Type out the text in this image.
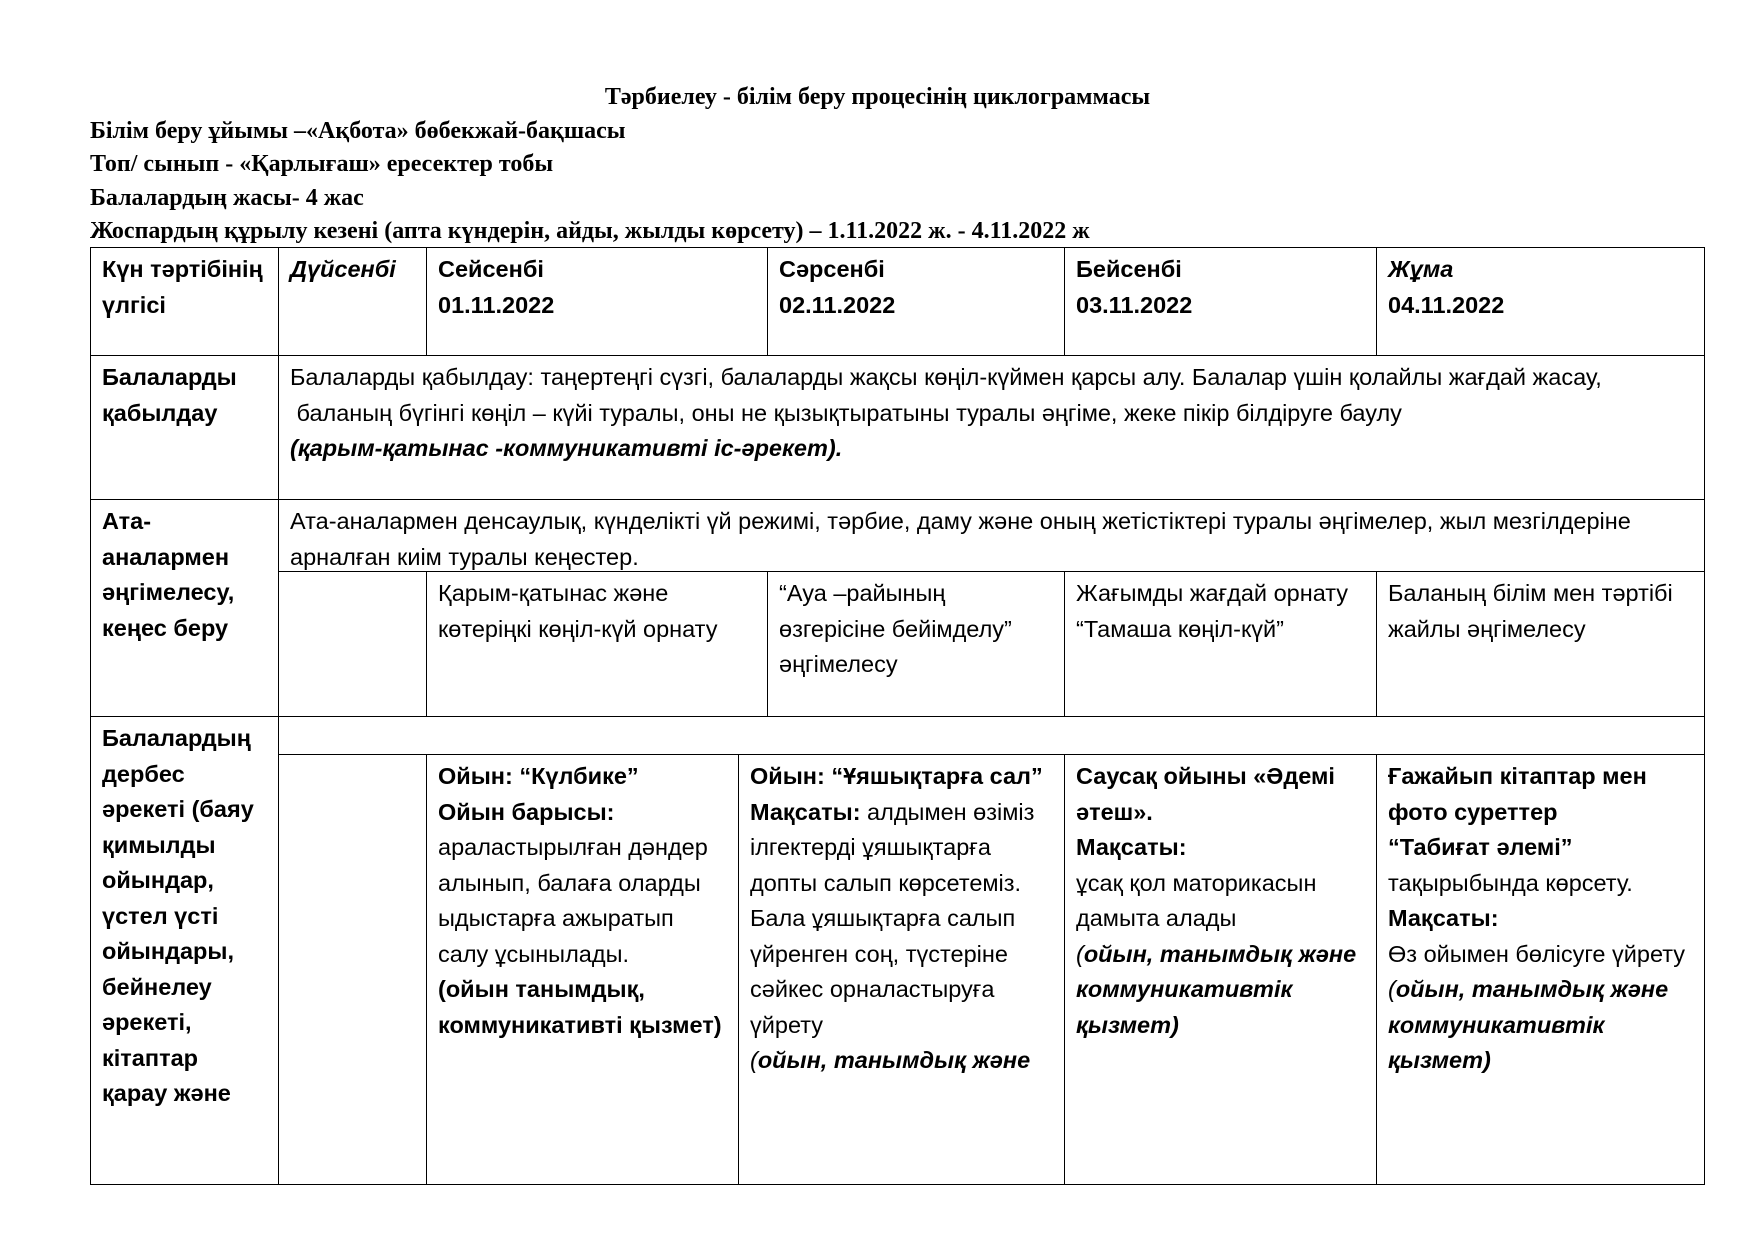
Тәрбиелеу - білім беру процесінің циклограммасы
Білім беру ұйымы –«Ақбота» бөбекжай-бақшасы
Топ/ сынып - «Қарлығаш» ересектер тобы
Балалардың жасы- 4 жас
Жоспардың құрылу кезені (апта күндерін, айды, жылды көрсету) – 1.11.2022 ж. - 4.11.2022 ж
Күн тәртібінің үлгісі
Дүйсенбі	Сейсенбі
01.11.2022
Сәрсенбі
02.11.2022
Бейсенбі
03.11.2022
Жұма
04.11.2022
Балаларды қабылдау
Балаларды қабылдау: таңертеңгі сүзгі, балаларды жақсы көңіл-күймен қарсы алу. Балалар үшін қолайлы жағдай жасау,
баланың бүгінгі көңіл – күйі туралы, оны не қызықтыратыны туралы әңгіме, жеке пікір білдіруге баулу
(қарым-қатынас -коммуникативті іс-әрекет).
Ата-аналармен әңгімелесу, кеңес беру
Ата-аналармен денсаулық, күнделікті үй режимі, тәрбие, даму және оның жетістіктері туралы әңгімелер, жыл мезгілдеріне арналған киім туралы кеңестер.
Қарым-қатынас және көтеріңкі көңіл-күй орнату
“Ауа –райының өзгерісіне бейімделу” әңгімелесу
Жағымды жағдай орнату
“Тамаша көңіл-күй”
Баланың білім мен тәртібі жайлы әңгімелесу
Балалардың дербес әрекеті (баяу қимылды ойындар, үстел үсті ойындары, бейнелеу әрекеті, кітаптар қарау және
Ойын: “Күлбике”
Ойын барысы:
араластырылған дәндер алынып, балаға оларды ыдыстарға ажыратып салу ұсынылады.
(ойын танымдық, коммуникативті қызмет)
Ойын: “Ұяшықтарға сал”
Мақсаты: алдымен өзіміз ілгектерді ұяшықтарға допты салып көрсетеміз. Бала ұяшықтарға салып үйренген соң, түстеріне сәйкес орналастыруға үйрету
(ойын, танымдық және
Саусақ ойыны «Әдемі әтеш».
Мақсаты:
ұсақ қол маторикасын дамыта алады
(ойын, танымдық және коммуникативтік қызмет)
Ғажайып кітаптар мен фото суреттер
“Табиғат әлемі”
тақырыбында көрсету.
Мақсаты:
Өз ойымен бөлісуге үйрету
(ойын, танымдық және коммуникативтік қызмет)
